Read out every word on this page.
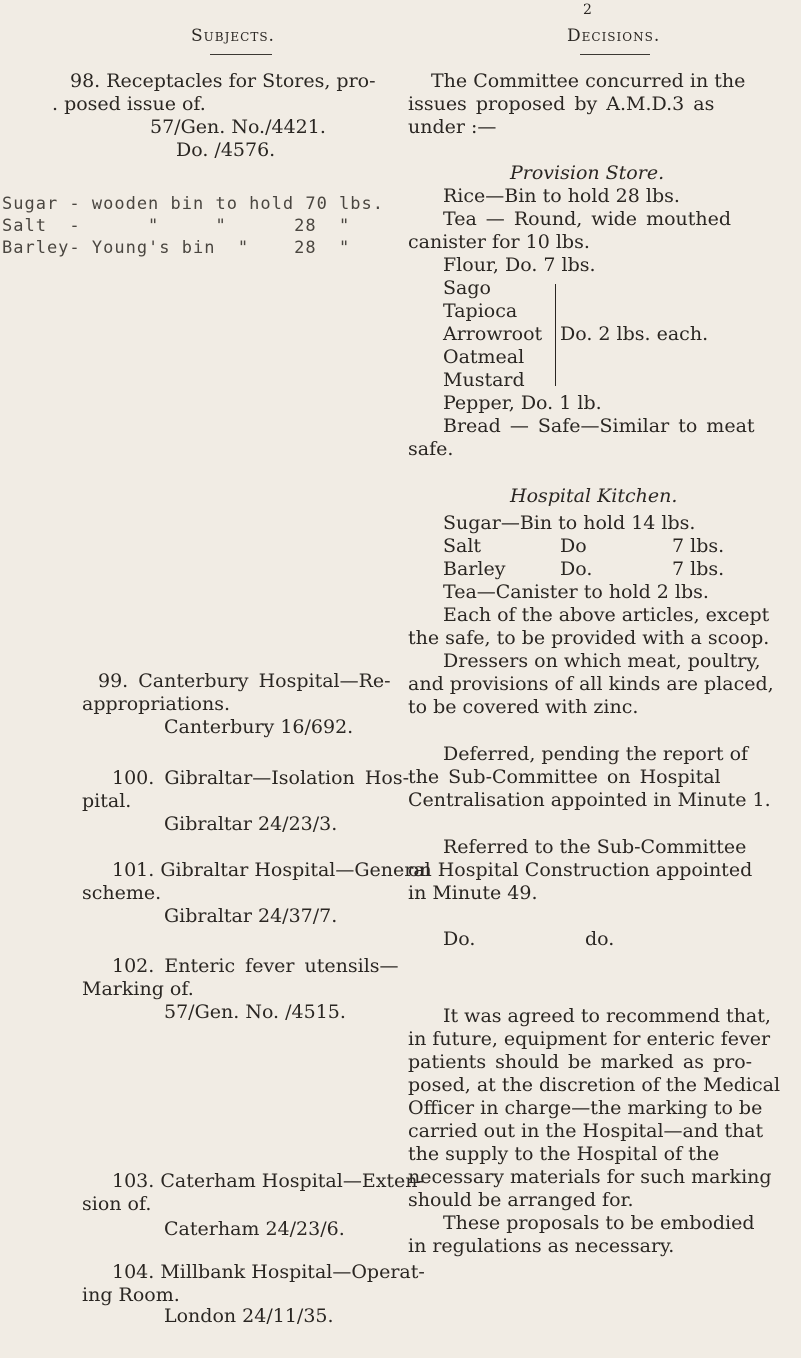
2
Subjects.	Decisions.
98. Receptacles for Stores, pro-
. posed issue of.
57/Gen. No./4421.
Do. /4576.
Sugar - wooden bin to hold 70 lbs.
Salt  -      "     "      28  "
Barley- Young's bin  "    28  "
99. Canterbury Hospital—Re-
appropriations.
Canterbury 16/692.
100. Gibraltar—Isolation Hos-
pital.
Gibraltar 24/23/3.
101. Gibraltar Hospital—General
scheme.
Gibraltar 24/37/7.
102. Enteric fever utensils—
Marking of.
57/Gen. No. /4515.
103. Caterham Hospital—Exten-
sion of.
Caterham 24/23/6.
104. Millbank Hospital—Operat-
ing Room.
London 24/11/35.
The Committee concurred in the
issues proposed by A.M.D.3 as
under :—
Provision Store.
Rice—Bin to hold 28 lbs.
Tea — Round, wide mouthed
canister for 10 lbs.
Flour, Do. 7 lbs.
Sago
Tapioca
Arrowroot
Oatmeal
Mustard
Do. 2 lbs. each.
Pepper, Do. 1 lb.
Bread — Safe—Similar to meat
safe.
Hospital Kitchen.
Sugar—Bin to hold 14 lbs.
Salt	Do	7 lbs.
Barley	Do.	7 lbs.
Tea—Canister to hold 2 lbs.
Each of the above articles, except
the safe, to be provided with a scoop.
Dressers on which meat, poultry,
and provisions of all kinds are placed,
to be covered with zinc.
Deferred, pending the report of
the Sub-Committee on Hospital
Centralisation appointed in Minute 1.
Referred to the Sub-Committee
on Hospital Construction appointed
in Minute 49.
Do.	do.
It was agreed to recommend that,
in future, equipment for enteric fever
patients should be marked as pro-
posed, at the discretion of the Medical
Officer in charge—the marking to be
carried out in the Hospital—and that
the supply to the Hospital of the
necessary materials for such marking
should be arranged for.
These proposals to be embodied
in regulations as necessary.
